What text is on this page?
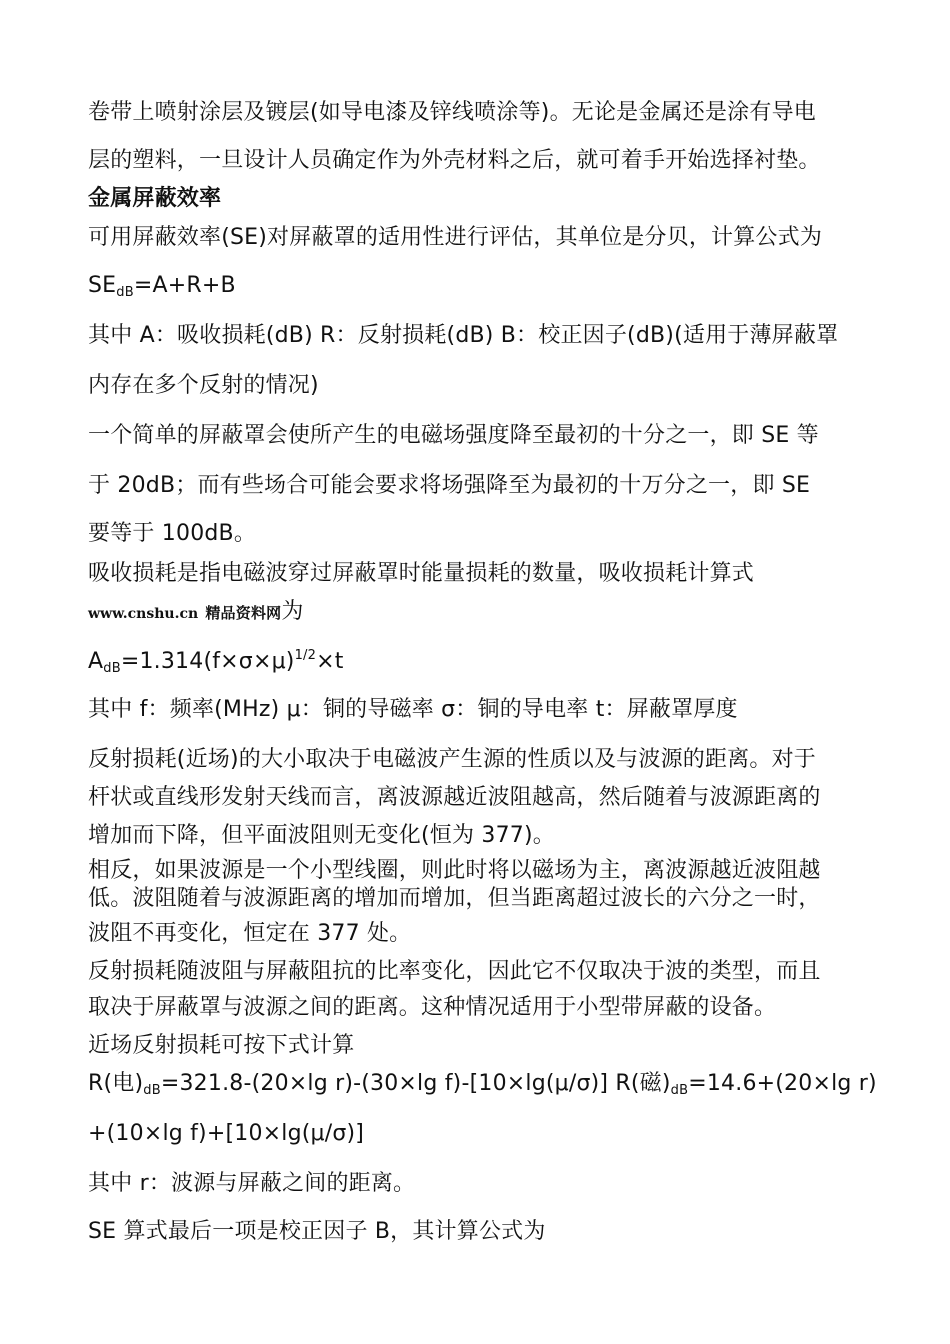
卷带上喷射涂层及镀层(如导电漆及锌线喷涂等)。无论是金属还是涂有导电

层的塑料，一旦设计人员确定作为外壳材料之后，就可着手开始选择衬垫。

金属屏蔽效率

可用屏蔽效率(SE)对屏蔽罩的适用性进行评估，其单位是分贝，计算公式为

$SE_{dB}=A+R+B$

其中 A：吸收损耗(dB) R：反射损耗(dB) B：校正因子(dB)(适用于薄屏蔽罩

内存在多个反射的情况)

一个简单的屏蔽罩会使所产生的电磁场强度降至最初的十分之一，即 SE 等

于 20dB；而有些场合可能会要求将场强降至为最初的十万分之一，即 SE

要等于 100dB。

吸收损耗是指电磁波穿过屏蔽罩时能量损耗的数量，吸收损耗计算式

www.cnshu.cn 精品资料网为

$A_{dB}=1.314(f\times\sigma\times\mu)^{1/2}\times t$

其中 f：频率(MHz) μ：铜的导磁率 σ：铜的导电率 t：屏蔽罩厚度

反射损耗(近场)的大小取决于电磁波产生源的性质以及与波源的距离。对于

杆状或直线形发射天线而言，离波源越近波阻越高，然后随着与波源距离的

增加而下降，但平面波阻则无变化(恒为 377)。

相反，如果波源是一个小型线圈，则此时将以磁场为主，离波源越近波阻越

低。波阻随着与波源距离的增加而增加，但当距离超过波长的六分之一时，

波阻不再变化，恒定在 377 处。

反射损耗随波阻与屏蔽阻抗的比率变化，因此它不仅取决于波的类型，而且

取决于屏蔽罩与波源之间的距离。这种情况适用于小型带屏蔽的设备。

近场反射损耗可按下式计算

R(电)$_{dB}=321.8-(20\times\lg$ r)-(30×lg f)-[10×lg(μ/σ)] R(磁)$_{dB}=14.6+(20\times\lg$ r)

+(10×lg f)+[10×lg(μ/σ)]

其中 r：波源与屏蔽之间的距离。

SE 算式最后一项是校正因子 B，其计算公式为
